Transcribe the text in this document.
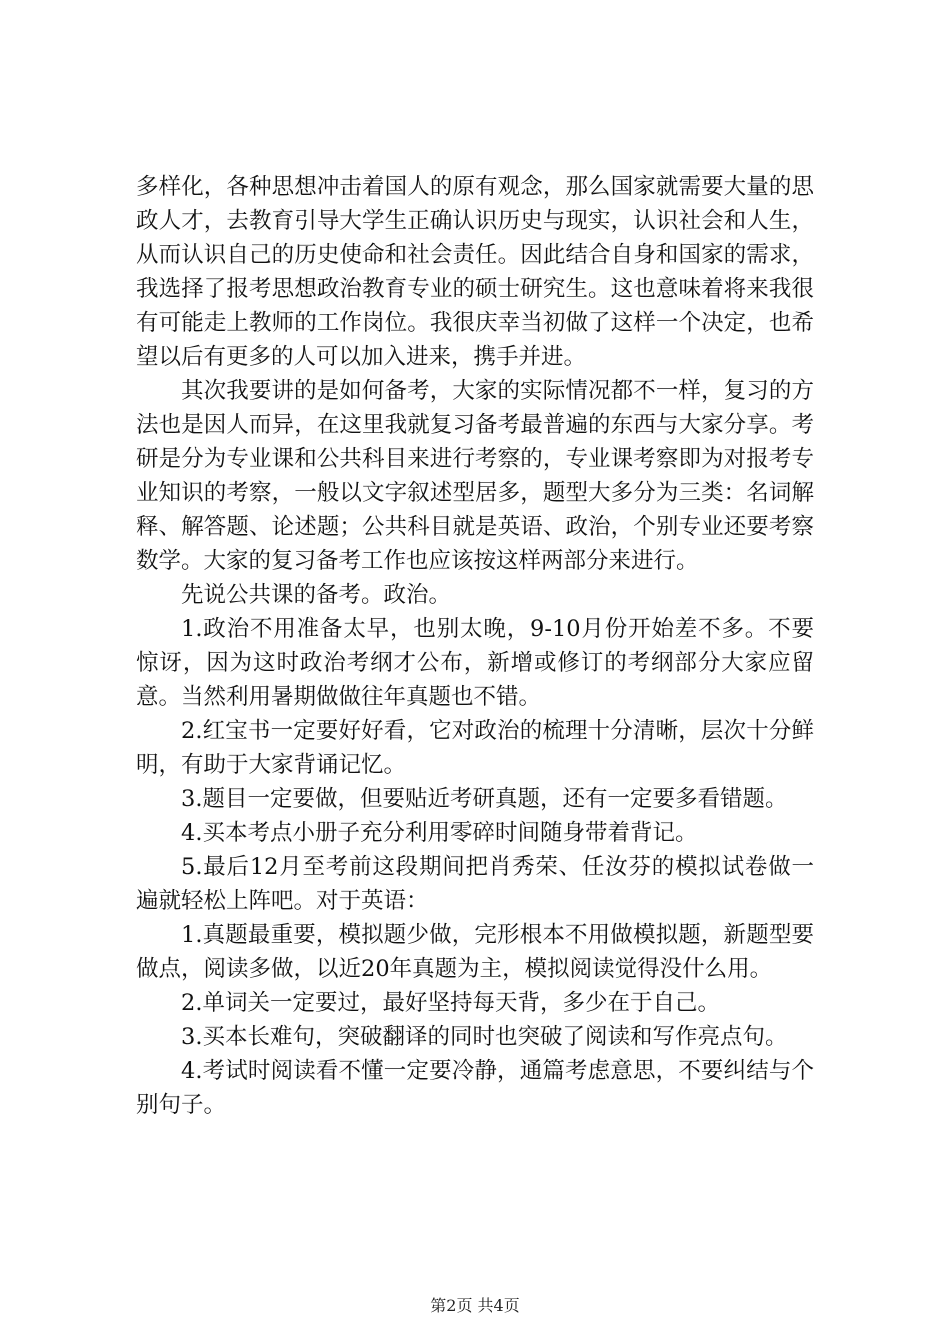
多样化，各种思想冲击着国人的原有观念，那么国家就需要大量的思政人才，去教育引导大学生正确认识历史与现实，认识社会和人生，从而认识自己的历史使命和社会责任。因此结合自身和国家的需求，我选择了报考思想政治教育专业的硕士研究生。这也意味着将来我很有可能走上教师的工作岗位。我很庆幸当初做了这样一个决定，也希望以后有更多的人可以加入进来，携手并进。

其次我要讲的是如何备考，大家的实际情况都不一样，复习的方法也是因人而异，在这里我就复习备考最普遍的东西与大家分享。考研是分为专业课和公共科目来进行考察的，专业课考察即为对报考专业知识的考察，一般以文字叙述型居多，题型大多分为三类：名词解释、解答题、论述题；公共科目就是英语、政治，个别专业还要考察数学。大家的复习备考工作也应该按这样两部分来进行。

先说公共课的备考。政治。

1.政治不用准备太早，也别太晚，9-10月份开始差不多。不要惊讶，因为这时政治考纲才公布，新增或修订的考纲部分大家应留意。当然利用暑期做做往年真题也不错。

2.红宝书一定要好好看，它对政治的梳理十分清晰，层次十分鲜明，有助于大家背诵记忆。

3.题目一定要做，但要贴近考研真题，还有一定要多看错题。

4.买本考点小册子充分利用零碎时间随身带着背记。

5.最后12月至考前这段期间把肖秀荣、任汝芬的模拟试卷做一遍就轻松上阵吧。对于英语：

1.真题最重要，模拟题少做，完形根本不用做模拟题，新题型要做点，阅读多做，以近20年真题为主，模拟阅读觉得没什么用。

2.单词关一定要过，最好坚持每天背，多少在于自己。

3.买本长难句，突破翻译的同时也突破了阅读和写作亮点句。

4.考试时阅读看不懂一定要冷静，通篇考虑意思，不要纠结与个别句子。

第2页 共4页
